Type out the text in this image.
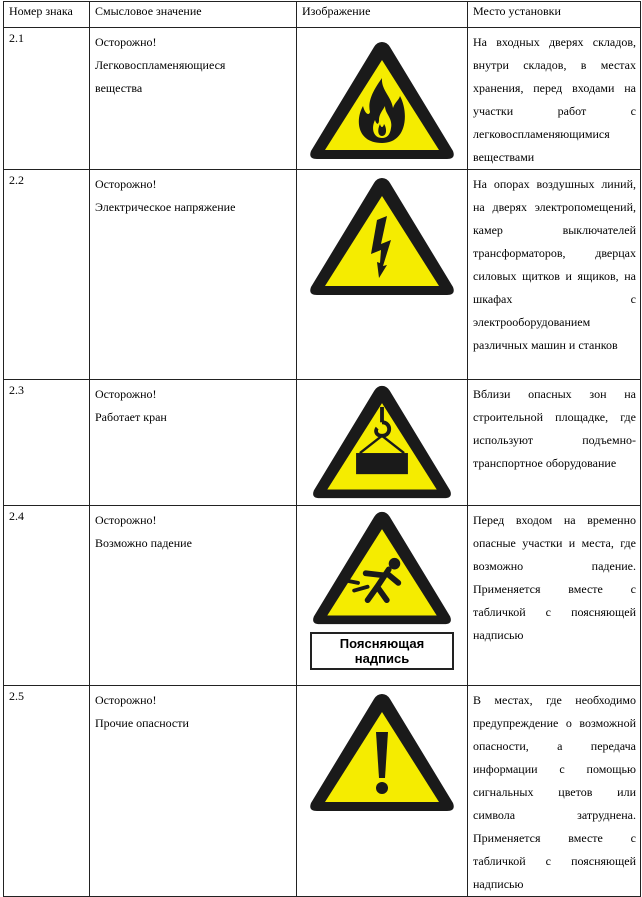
Номер знака	Смысловое значение	Изображение	Место установки
2.1	Осторожно!
Легковоспламеняющиеся
вещества		На входных дверях складов, внутри складов, в местах хранения, перед входами на участки работ с легковоспламеняющимися веществами

2.2	Осторожно!
Электрическое напряжение		На опорах воздушных линий, на дверях электропомещений, камер выключателей трансформаторов, дверцах силовых щитков и ящиков, на шкафах с электрооборудованием различных машин и станков

2.3	Осторожно!
Работает кран		Вблизи опасных зон на строительной площадке, где используют подъемно-транспортное оборудование

2.4	Осторожно!
Возможно падение	Поясняющая
надпись	Перед входом на временно опасные участки и места, где возможно падение. Применяется вместе с табличкой с поясняющей надписью

2.5	Осторожно!
Прочие опасности		В местах, где необходимо предупреждение о возможной опасности, а передача информации с помощью сигнальных цветов или символа затруднена. Применяется вместе с табличкой с поясняющей надписью
